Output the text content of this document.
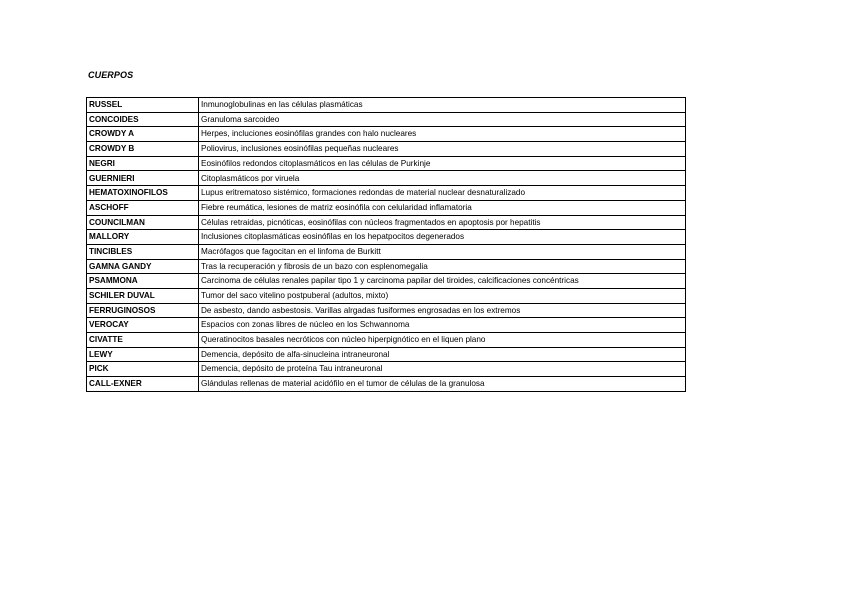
CUERPOS
RUSSEL	Inmunoglobulinas en las células plasmáticas
CONCOIDES	Granuloma sarcoideo
CROWDY A	Herpes, incluciones eosinófilas grandes con halo nucleares
CROWDY B	Poliovirus, inclusiones eosinófilas pequeñas nucleares
NEGRI	Eosinófilos redondos citoplasmáticos en las células de Purkinje
GUERNIERI	Citoplasmáticos por viruela
HEMATOXINOFILOS	Lupus eritrematoso sistémico, formaciones redondas de material nuclear desnaturalizado
ASCHOFF	Fiebre reumática, lesiones de matriz eosinófila con celularidad inflamatoria
COUNCILMAN	Células retraidas, picnóticas, eosinófilas con núcleos fragmentados en apoptosis por hepatitis
MALLORY	Inclusiones citoplasmáticas eosinófilas en los hepatpocitos degenerados
TINCIBLES	Macrófagos que fagocitan en el linfoma de Burkitt
GAMNA GANDY	Tras la recuperación y fibrosis de un bazo con esplenomegalia
PSAMMONA	Carcinoma de células renales papilar tipo 1 y carcinoma papilar del tiroides, calcificaciones concéntricas
SCHILER DUVAL	Tumor del saco vitelino postpuberal (adultos, mixto)
FERRUGINOSOS	De asbesto, dando asbestosis. Varillas alrgadas fusiformes engrosadas en los extremos
VEROCAY	Espacios con zonas libres de núcleo en los Schwannoma
CIVATTE	Queratinocitos basales necróticos con núcleo hiperpignótico en el liquen plano
LEWY	Demencia, depósito de alfa-sinucleina intraneuronal
PICK	Demencia, depósito de proteína Tau intraneuronal
CALL-EXNER	Glándulas rellenas de material acidófilo en el tumor de células de la granulosa
